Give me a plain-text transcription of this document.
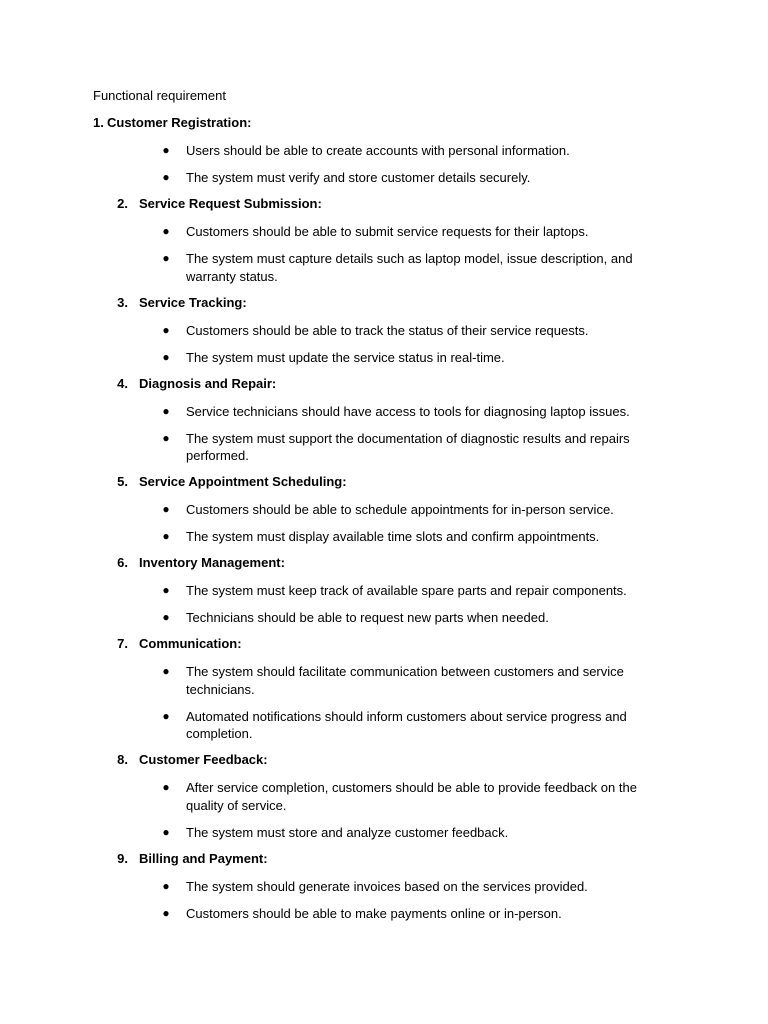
Functional requirement
1. Customer Registration:
● Users should be able to create accounts with personal information.
● The system must verify and store customer details securely.
2. Service Request Submission:
● Customers should be able to submit service requests for their laptops.
● The system must capture details such as laptop model, issue description, and warranty status.
3. Service Tracking:
● Customers should be able to track the status of their service requests.
● The system must update the service status in real-time.
4. Diagnosis and Repair:
● Service technicians should have access to tools for diagnosing laptop issues.
● The system must support the documentation of diagnostic results and repairs performed.
5. Service Appointment Scheduling:
● Customers should be able to schedule appointments for in-person service.
● The system must display available time slots and confirm appointments.
6. Inventory Management:
● The system must keep track of available spare parts and repair components.
● Technicians should be able to request new parts when needed.
7. Communication:
● The system should facilitate communication between customers and service technicians.
● Automated notifications should inform customers about service progress and completion.
8. Customer Feedback:
● After service completion, customers should be able to provide feedback on the quality of service.
● The system must store and analyze customer feedback.
9. Billing and Payment:
● The system should generate invoices based on the services provided.
● Customers should be able to make payments online or in-person.
